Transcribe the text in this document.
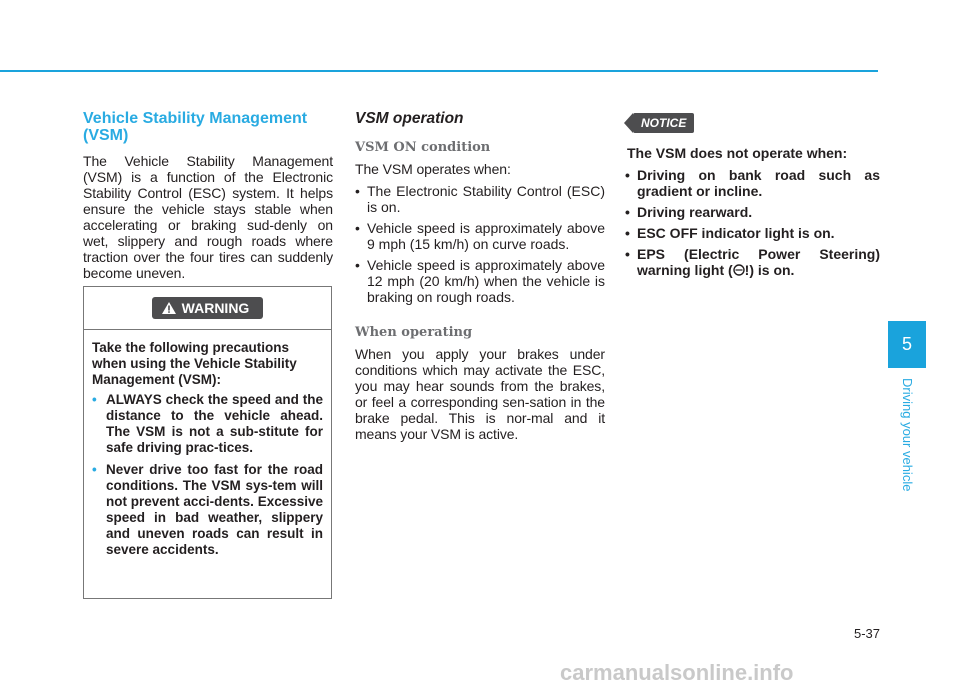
Vehicle Stability Management (VSM)

The Vehicle Stability Management (VSM) is a function of the Electronic Stability Control (ESC) system. It helps ensure the vehicle stays stable when accelerating or braking sud-denly on wet, slippery and rough roads where traction over the four tires can suddenly become uneven.

WARNING

Take the following precautions when using the Vehicle Stability Management (VSM):

• ALWAYS check the speed and the distance to the vehicle ahead. The VSM is not a sub-stitute for safe driving prac-tices.
• Never drive too fast for the road conditions. The VSM sys-tem will not prevent acci-dents. Excessive speed in bad weather, slippery and uneven roads can result in severe accidents.

VSM operation

VSM ON condition

The VSM operates when:

• The Electronic Stability Control (ESC) is on.
• Vehicle speed is approximately above 9 mph (15 km/h) on curve roads.
• Vehicle speed is approximately above 12 mph (20 km/h) when the vehicle is braking on rough roads.

When operating

When you apply your brakes under conditions which may activate the ESC, you may hear sounds from the brakes, or feel a corresponding sen-sation in the brake pedal. This is nor-mal and it means your VSM is active.

NOTICE

The VSM does not operate when:

• Driving on bank road such as gradient or incline.
• Driving rearward.
• ESC OFF indicator light is on.
• EPS (Electric Power Steering) warning light ( !) is on.
5
Driving your vehicle
5-37
carmanualsonline.info
